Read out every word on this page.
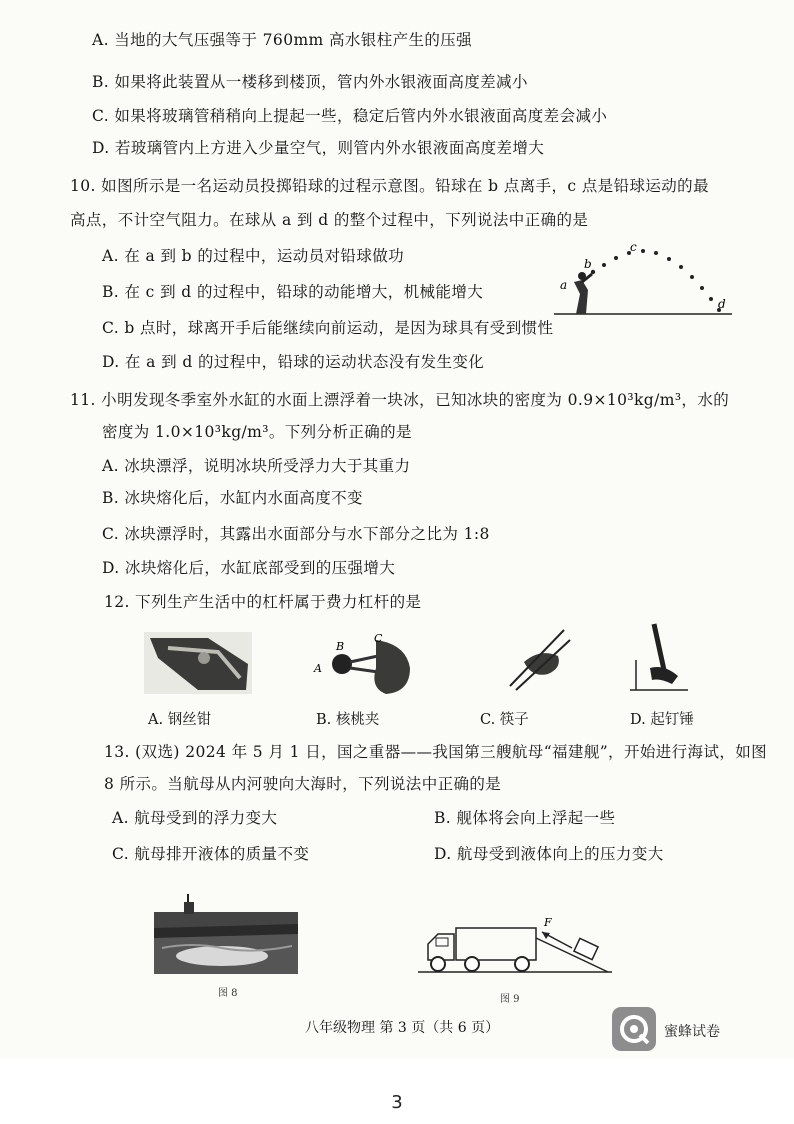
A. 当地的大气压强等于 760mm 高水银柱产生的压强
B. 如果将此装置从一楼移到楼顶，管内外水银液面高度差减小
C. 如果将玻璃管稍稍向上提起一些，稳定后管内外水银液面高度差会减小
D. 若玻璃管内上方进入少量空气，则管内外水银液面高度差增大
10. 如图所示是一名运动员投掷铅球的过程示意图。铅球在 b 点离手，c 点是铅球运动的最
高点，不计空气阻力。在球从 a 到 d 的整个过程中，下列说法中正确的是
A. 在 a 到 b 的过程中，运动员对铅球做功
B. 在 c 到 d 的过程中，铅球的动能增大，机械能增大
C. b 点时，球离开手后能继续向前运动，是因为球具有受到惯性
D. 在 a 到 d 的过程中，铅球的运动状态没有发生变化
a
b
c
d
11. 小明发现冬季室外水缸的水面上漂浮着一块冰，已知冰块的密度为 0.9×10³kg/m³，水的
密度为 1.0×10³kg/m³。下列分析正确的是
A. 冰块漂浮，说明冰块所受浮力大于其重力
B. 冰块熔化后，水缸内水面高度不变
C. 冰块漂浮时，其露出水面部分与水下部分之比为 1:8
D. 冰块熔化后，水缸底部受到的压强增大
12. 下列生产生活中的杠杆属于费力杠杆的是
A
B
C
A. 钢丝钳	B. 核桃夹	C. 筷子	D. 起钉锤
13. (双选) 2024 年 5 月 1 日，国之重器——我国第三艘航母“福建舰”，开始进行海试，如图
8 所示。当航母从内河驶向大海时，下列说法中正确的是
A. 航母受到的浮力变大	B. 舰体将会向上浮起一些
C. 航母排开液体的质量不变	D. 航母受到液体向上的压力变大
图 8
F
图 9
八年级物理 第 3 页（共 6 页）	蜜蜂试卷
3
